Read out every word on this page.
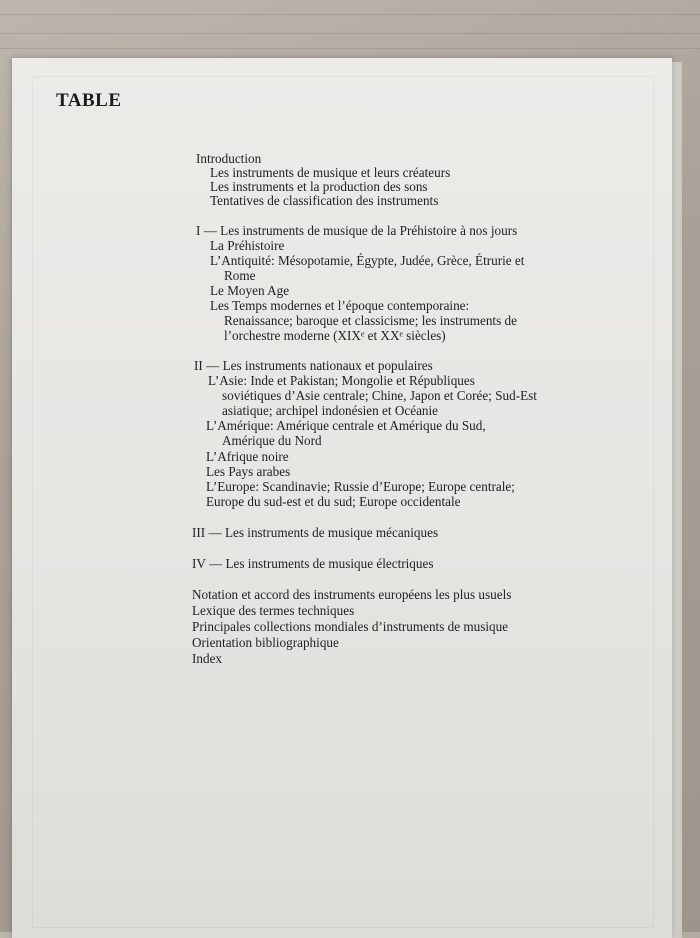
TABLE
Introduction
Les instruments de musique et leurs créateurs
Les instruments et la production des sons
Tentatives de classification des instruments
I — Les instruments de musique de la Préhistoire à nos jours
La Préhistoire
L’Antiquité: Mésopotamie, Égypte, Judée, Grèce, Étrurie et
Rome
Le Moyen Age
Les Temps modernes et l’époque contemporaine:
Renaissance; baroque et classicisme; les instruments de
l’orchestre moderne (XIXᵉ et XXᵉ siècles)
II — Les instruments nationaux et populaires
L’Asie: Inde et Pakistan; Mongolie et Républiques
soviétiques d’Asie centrale; Chine, Japon et Corée; Sud-Est
asiatique; archipel indonésien et Océanie
L’Amérique: Amérique centrale et Amérique du Sud,
Amérique du Nord
L’Afrique noire
Les Pays arabes
L’Europe: Scandinavie; Russie d’Europe; Europe centrale;
Europe du sud-est et du sud; Europe occidentale
III — Les instruments de musique mécaniques
IV — Les instruments de musique électriques
Notation et accord des instruments européens les plus usuels
Lexique des termes techniques
Principales collections mondiales d’instruments de musique
Orientation bibliographique
Index
